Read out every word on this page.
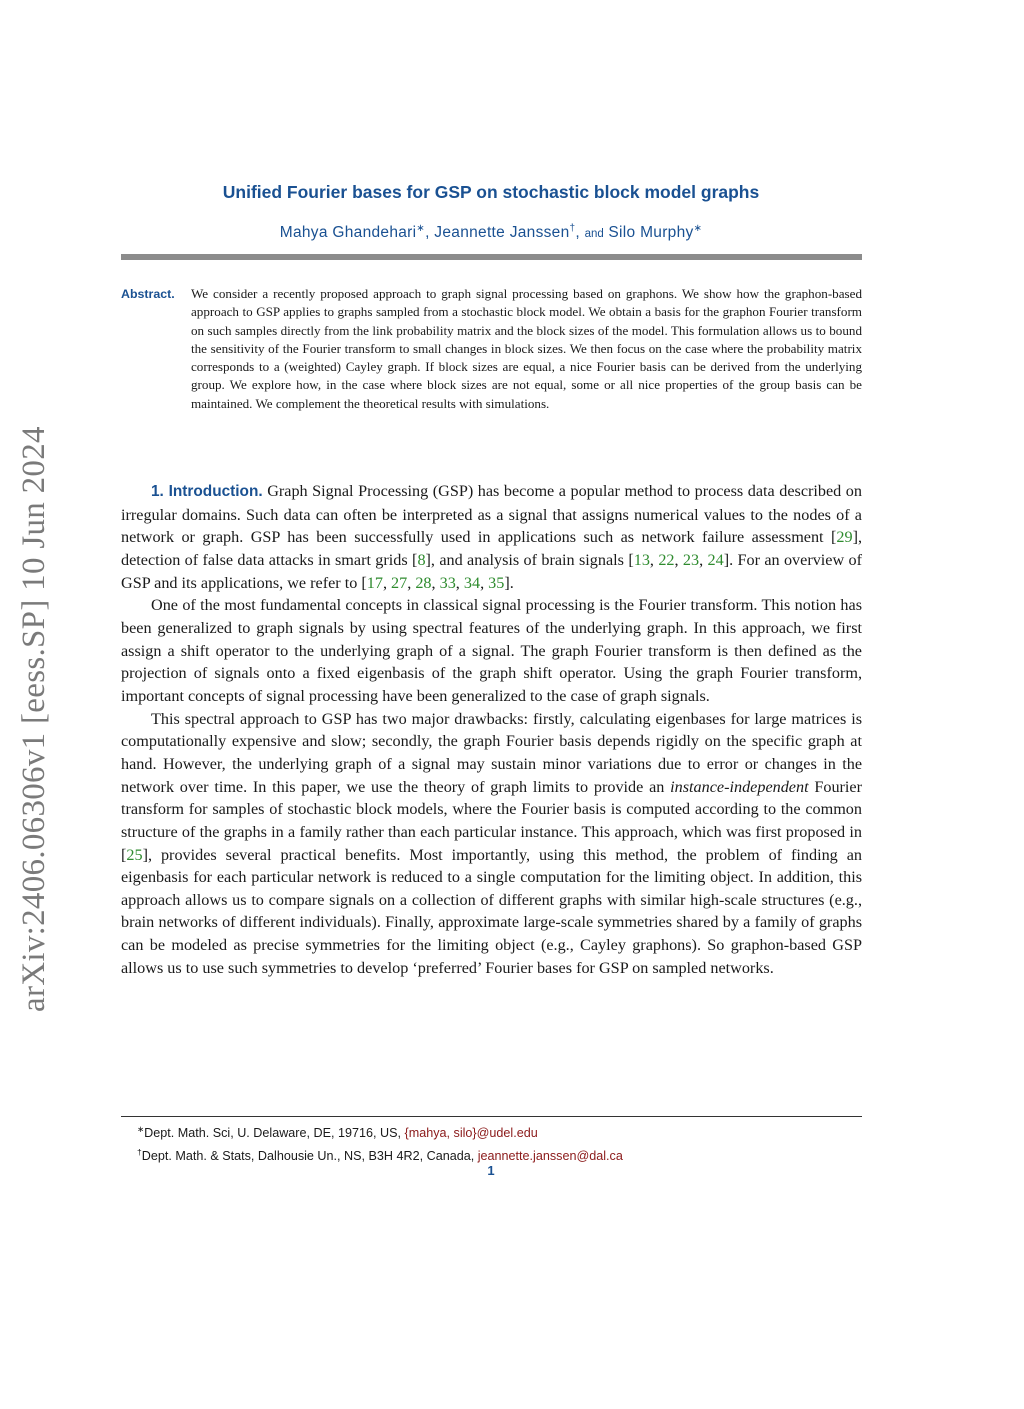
arXiv:2406.06306v1 [eess.SP] 10 Jun 2024
Unified Fourier bases for GSP on stochastic block model graphs
Mahya Ghandehari∗, Jeannette Janssen†, and Silo Murphy∗
Abstract. We consider a recently proposed approach to graph signal processing based on graphons. We show how the graphon-based approach to GSP applies to graphs sampled from a stochastic block model. We obtain a basis for the graphon Fourier transform on such samples directly from the link probability matrix and the block sizes of the model. This formulation allows us to bound the sensitivity of the Fourier transform to small changes in block sizes. We then focus on the case where the probability matrix corresponds to a (weighted) Cayley graph. If block sizes are equal, a nice Fourier basis can be derived from the underlying group. We explore how, in the case where block sizes are not equal, some or all nice properties of the group basis can be maintained. We complement the theoretical results with simulations.

1. Introduction. Graph Signal Processing (GSP) has become a popular method to process data described on irregular domains. Such data can often be interpreted as a signal that assigns numerical values to the nodes of a network or graph. GSP has been successfully used in applications such as network failure assessment [29], detection of false data attacks in smart grids [8], and analysis of brain signals [13, 22, 23, 24]. For an overview of GSP and its applications, we refer to [17, 27, 28, 33, 34, 35].

One of the most fundamental concepts in classical signal processing is the Fourier transform. This notion has been generalized to graph signals by using spectral features of the underlying graph. In this approach, we first assign a shift operator to the underlying graph of a signal. The graph Fourier transform is then defined as the projection of signals onto a fixed eigenbasis of the graph shift operator. Using the graph Fourier transform, important concepts of signal processing have been generalized to the case of graph signals.

This spectral approach to GSP has two major drawbacks: firstly, calculating eigenbases for large matrices is computationally expensive and slow; secondly, the graph Fourier basis depends rigidly on the specific graph at hand. However, the underlying graph of a signal may sustain minor variations due to error or changes in the network over time. In this paper, we use the theory of graph limits to provide an instance-independent Fourier transform for samples of stochastic block models, where the Fourier basis is computed according to the common structure of the graphs in a family rather than each particular instance. This approach, which was first proposed in [25], provides several practical benefits. Most importantly, using this method, the problem of finding an eigenbasis for each particular network is reduced to a single computation for the limiting object. In addition, this approach allows us to compare signals on a collection of different graphs with similar high-scale structures (e.g., brain networks of different individuals). Finally, approximate large-scale symmetries shared by a family of graphs can be modeled as precise symmetries for the limiting object (e.g., Cayley graphons). So graphon-based GSP allows us to use such symmetries to develop ‘preferred’ Fourier bases for GSP on sampled networks.

∗Dept. Math. Sci, U. Delaware, DE, 19716, US, {mahya, silo}@udel.edu
†Dept. Math. & Stats, Dalhousie Un., NS, B3H 4R2, Canada, jeannette.janssen@dal.ca
1
